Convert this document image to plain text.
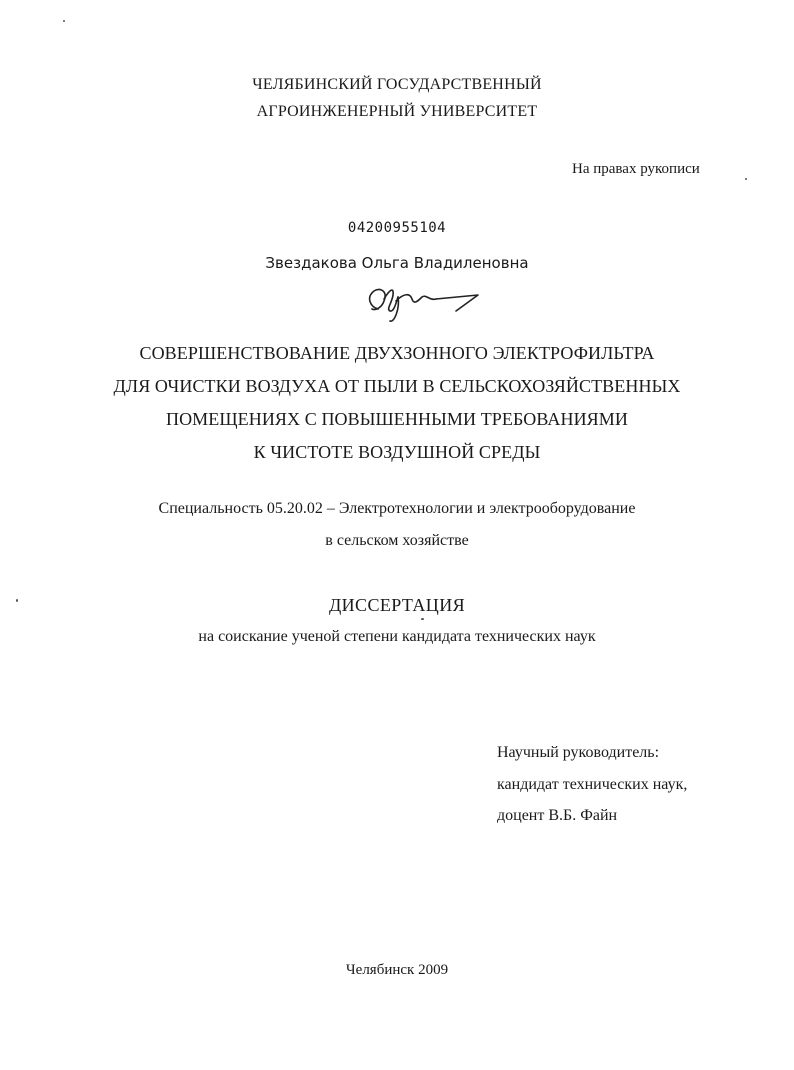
ЧЕЛЯБИНСКИЙ ГОСУДАРСТВЕННЫЙ
АГРОИНЖЕНЕРНЫЙ УНИВЕРСИТЕТ
На правах рукописи
04200955104
Звездакова Ольга Владиленовна
СОВЕРШЕНСТВОВАНИЕ ДВУХЗОННОГО ЭЛЕКТРОФИЛЬТРА
ДЛЯ ОЧИСТКИ ВОЗДУХА ОТ ПЫЛИ В СЕЛЬСКОХОЗЯЙСТВЕННЫХ
ПОМЕЩЕНИЯХ С ПОВЫШЕННЫМИ ТРЕБОВАНИЯМИ
К ЧИСТОТЕ ВОЗДУШНОЙ СРЕДЫ
Специальность 05.20.02 – Электротехнологии и электрооборудование
в сельском хозяйстве
ДИССЕРТАЦИЯ
на соискание ученой степени кандидата технических наук
Научный руководитель:
кандидат технических наук,
доцент В.Б. Файн
Челябинск 2009
